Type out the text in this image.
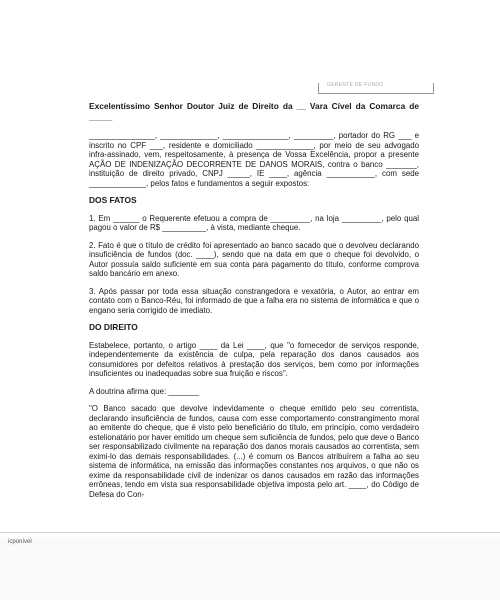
GERENTE DE FUNDO

Excelentíssimo Senhor Doutor Juiz de Direito da __ Vara Cível da Comarca de _____

_______________, _____________, _______________, _________, portador do RG ___ e inscrito no CPF ___, residente e domiciliado _____________, por meio de seu advogado infra-assinado, vem, respeitosamente, à presença de Vossa Excelência, propor a presente AÇÃO DE INDENIZAÇÃO DECORRENTE DE DANOS MORAIS, contra o banco _______, instituição de direito privado, CNPJ _____, IE ____, agência ___________, com sede _____________, pelos fatos e fundamentos a seguir expostos:

DOS FATOS

1. Em ______ o Requerente efetuou a compra de _________, na loja _________, pelo qual pagou o valor de R$ __________, à vista, mediante cheque.

2. Fato é que o título de crédito foi apresentado ao banco sacado que o devolveu declarando insuficiência de fundos (doc. ____), sendo que na data em que o cheque foi devolvido, o Autor possuía saldo suficiente em sua conta para pagamento do título, conforme comprova saldo bancário em anexo.

3. Após passar por toda essa situação constrangedora e vexatória, o Autor, ao entrar em contato com o Banco-Réu, foi informado de que a falha era no sistema de informática e que o engano seria corrigido de imediato.

DO DIREITO

Estabelece, portanto, o artigo ____ da Lei ____, que "o fornecedor de serviços responde, independentemente da existência de culpa, pela reparação dos danos causados aos consumidores por defeitos relativos à prestação dos serviços, bem como por informações insuficientes ou inadequadas sobre sua fruição e riscos".

A doutrina afirma que: _______

"O Banco sacado que devolve indevidamente o cheque emitido pelo seu correntista, declarando insuficiência de fundos, causa com esse comportamento constrangimento moral ao emitente do cheque, que é visto pelo beneficiário do título, em princípio, como verdadeiro estelionatário por haver emitido um cheque sem suficiência de fundos, pelo que deve o Banco ser responsabilizado civilmente na reparação dos danos morais causados ao correntista, sem eximi-lo das demais responsabilidades. (...) é comum os Bancos atribuírem a falha ao seu sistema de informática, na emissão das informações constantes nos arquivos, o que não os exime da responsabilidade civil de indenizar os danos causados em razão das informações errôneas, tendo em vista sua responsabilidade objetiva imposta pelo art. ____, do Código de Defesa do Con-

icponível
